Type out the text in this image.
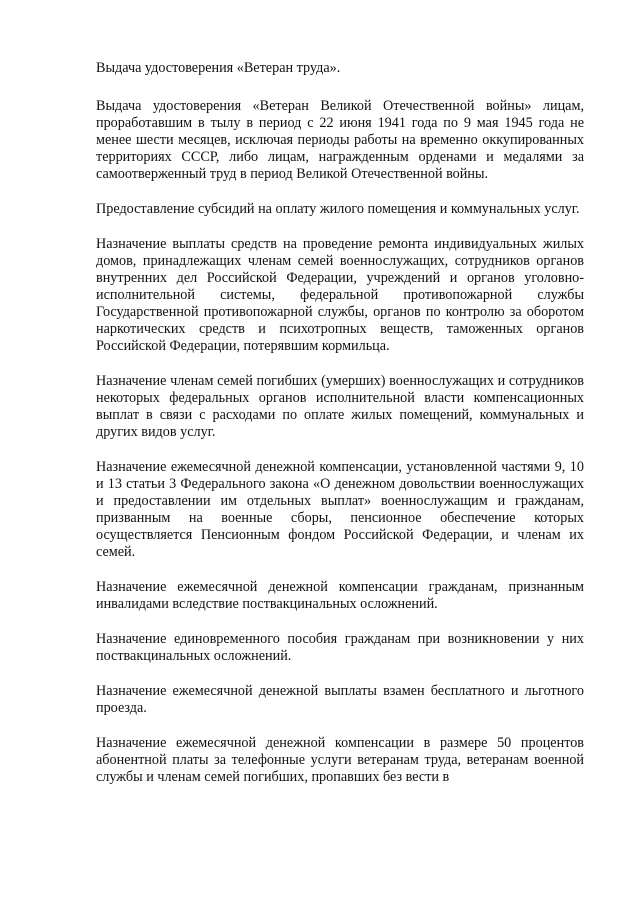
Выдача удостоверения «Ветеран труда».

Выдача удостоверения «Ветеран Великой Отечественной войны» лицам, проработавшим в тылу в период с 22 июня 1941 года по 9 мая 1945 года не менее шести месяцев, исключая периоды работы на временно оккупированных территориях СССР, либо лицам, награжденным орденами и медалями за самоотверженный труд в период Великой Отечественной войны.

Предоставление субсидий на оплату жилого помещения и коммунальных услуг.

Назначение выплаты средств на проведение ремонта индивидуальных жилых домов, принадлежащих членам семей военнослужащих, сотрудников органов внутренних дел Российской Федерации, учреждений и органов уголовно-исполнительной системы, федеральной противопожарной службы Государственной противопожарной службы, органов по контролю за оборотом наркотических средств и психотропных веществ, таможенных органов Российской Федерации, потерявшим кормильца.

Назначение членам семей погибших (умерших) военнослужащих и сотрудников некоторых федеральных органов исполнительной власти компенсационных выплат в связи с расходами по оплате жилых помещений, коммунальных и других видов услуг.

Назначение ежемесячной денежной компенсации, установленной частями 9, 10 и 13 статьи 3 Федерального закона «О денежном довольствии военнослужащих и предоставлении им отдельных выплат» военнослужащим и гражданам, призванным на военные сборы, пенсионное обеспечение которых осуществляется Пенсионным фондом Российской Федерации, и членам их семей.

Назначение ежемесячной денежной компенсации гражданам, признанным инвалидами вследствие поствакцинальных осложнений.

Назначение единовременного пособия гражданам при возникновении у них поствакцинальных осложнений.

Назначение ежемесячной денежной выплаты взамен бесплатного и льготного проезда.

Назначение ежемесячной денежной компенсации в размере 50 процентов абонентной платы за телефонные услуги ветеранам труда, ветеранам военной службы и членам семей погибших, пропавших без вести в
